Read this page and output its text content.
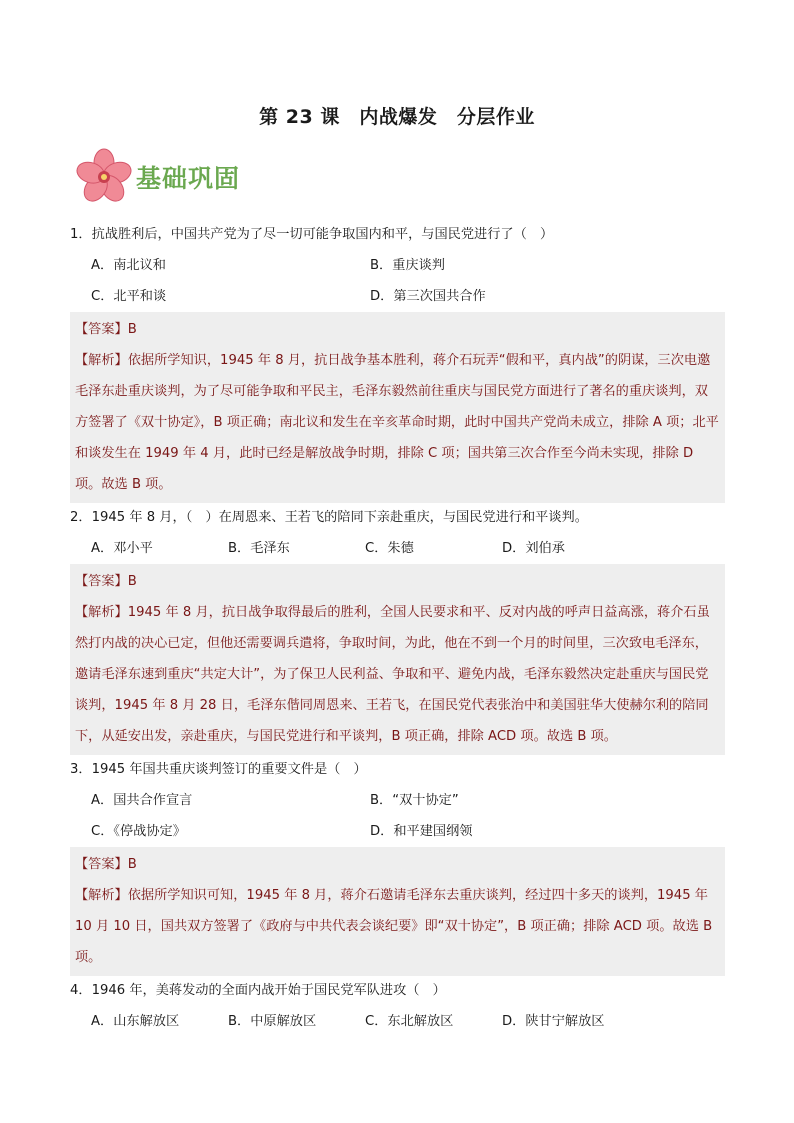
第 23 课　内战爆发　分层作业
基础巩固
1．抗战胜利后，中国共产党为了尽一切可能争取国内和平，与国民党进行了（　）
A．南北议和	B．重庆谈判
C．北平和谈	D．第三次国共合作
【答案】B
【解析】依据所学知识，1945 年 8 月，抗日战争基本胜利，蒋介石玩弄“假和平，真内战”的阴谋，三次电邀毛泽东赴重庆谈判，为了尽可能争取和平民主，毛泽东毅然前往重庆与国民党方面进行了著名的重庆谈判，双方签署了《双十协定》，B 项正确；南北议和发生在辛亥革命时期，此时中国共产党尚未成立，排除 A 项；北平和谈发生在 1949 年 4 月，此时已经是解放战争时期，排除 C 项；国共第三次合作至今尚未实现，排除 D 项。故选 B 项。
2．1945 年 8 月，（　）在周恩来、王若飞的陪同下亲赴重庆，与国民党进行和平谈判。
A．邓小平	B．毛泽东	C．朱德	D．刘伯承
【答案】B
【解析】1945 年 8 月，抗日战争取得最后的胜利，全国人民要求和平、反对内战的呼声日益高涨，蒋介石虽然打内战的决心已定，但他还需要调兵遣将，争取时间，为此，他在不到一个月的时间里，三次致电毛泽东，邀请毛泽东速到重庆“共定大计”，为了保卫人民利益、争取和平、避免内战，毛泽东毅然决定赴重庆与国民党谈判，1945 年 8 月 28 日，毛泽东偕同周恩来、王若飞，在国民党代表张治中和美国驻华大使赫尔利的陪同下，从延安出发，亲赴重庆，与国民党进行和平谈判，B 项正确，排除 ACD 项。故选 B 项。
3．1945 年国共重庆谈判签订的重要文件是（　）
A．国共合作宣言	B．“双十协定”
C．《停战协定》	D．和平建国纲领
【答案】B
【解析】依据所学知识可知，1945 年 8 月，蒋介石邀请毛泽东去重庆谈判，经过四十多天的谈判，1945 年 10 月 10 日，国共双方签署了《政府与中共代表会谈纪要》即“双十协定”，B 项正确；排除 ACD 项。故选 B 项。
4．1946 年，美蒋发动的全面内战开始于国民党军队进攻（　）
A．山东解放区	B．中原解放区	C．东北解放区	D．陕甘宁解放区
